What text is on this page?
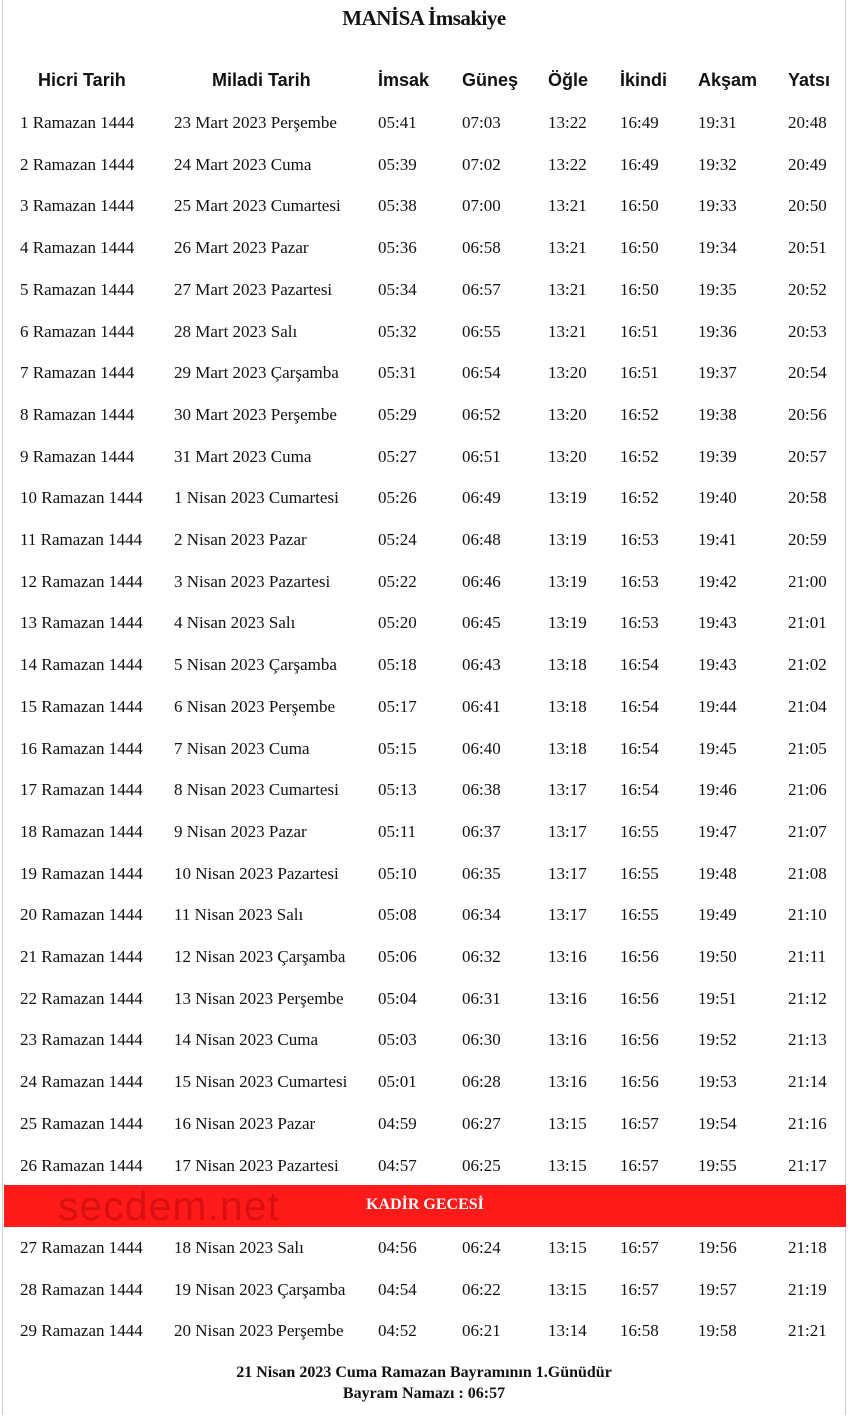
MANİSA İmsakiye
Hicri Tarih	Miladi Tarih	İmsak Güneş Öğle İkindi Akşam Yatsı
1 Ramazan 1444 23 Mart 2023 Perşembe 05:41	07:03	13:22 16:49 19:31	20:48
2 Ramazan 1444 24 Mart 2023 Cuma	05:39	07:02	13:22 16:49 19:32	20:49
3 Ramazan 1444 25 Mart 2023 Cumartesi 05:38	07:00	13:21 16:50 19:33	20:50
4 Ramazan 1444 26 Mart 2023 Pazar	05:36	06:58	13:21 16:50 19:34	20:51
5 Ramazan 1444 27 Mart 2023 Pazartesi	05:34	06:57	13:21 16:50 19:35	20:52
6 Ramazan 1444 28 Mart 2023 Salı	05:32	06:55	13:21 16:51 19:36	20:53
7 Ramazan 1444 29 Mart 2023 Çarşamba 05:31	06:54	13:20 16:51 19:37	20:54
8 Ramazan 1444 30 Mart 2023 Perşembe 05:29	06:52	13:20 16:52 19:38	20:56
9 Ramazan 1444 31 Mart 2023 Cuma	05:27	06:51	13:20 16:52 19:39	20:57
10 Ramazan 1444 1 Nisan 2023 Cumartesi 05:26	06:49	13:19 16:52 19:40	20:58
11 Ramazan 1444 2 Nisan 2023 Pazar	05:24	06:48	13:19 16:53 19:41	20:59
12 Ramazan 1444 3 Nisan 2023 Pazartesi	05:22	06:46	13:19 16:53 19:42	21:00
13 Ramazan 1444 4 Nisan 2023 Salı	05:20	06:45	13:19 16:53 19:43	21:01
14 Ramazan 1444 5 Nisan 2023 Çarşamba 05:18	06:43	13:18 16:54 19:43	21:02
15 Ramazan 1444 6 Nisan 2023 Perşembe	05:17	06:41	13:18 16:54 19:44	21:04
16 Ramazan 1444 7 Nisan 2023 Cuma	05:15	06:40	13:18 16:54 19:45	21:05
17 Ramazan 1444 8 Nisan 2023 Cumartesi 05:13	06:38	13:17 16:54 19:46	21:06
18 Ramazan 1444 9 Nisan 2023 Pazar	05:11	06:37	13:17 16:55 19:47	21:07
19 Ramazan 1444 10 Nisan 2023 Pazartesi 05:10	06:35	13:17 16:55 19:48	21:08
20 Ramazan 1444 11 Nisan 2023 Salı	05:08	06:34	13:17 16:55 19:49	21:10
21 Ramazan 1444 12 Nisan 2023 Çarşamba 05:06	06:32	13:16 16:56 19:50	21:11
22 Ramazan 1444 13 Nisan 2023 Perşembe 05:04	06:31	13:16 16:56 19:51	21:12
23 Ramazan 1444 14 Nisan 2023 Cuma	05:03	06:30	13:16 16:56 19:52	21:13
24 Ramazan 1444 15 Nisan 2023 Cumartesi 05:01	06:28	13:16 16:56 19:53	21:14
25 Ramazan 1444 16 Nisan 2023 Pazar	04:59	06:27	13:15 16:57 19:54	21:16
26 Ramazan 1444 17 Nisan 2023 Pazartesi 04:57	06:25	13:15 16:57 19:55	21:17
secdem.net	KADİR GECESİ
27 Ramazan 1444 18 Nisan 2023 Salı	04:56	06:24	13:15 16:57 19:56	21:18
28 Ramazan 1444 19 Nisan 2023 Çarşamba 04:54	06:22	13:15 16:57 19:57	21:19
29 Ramazan 1444 20 Nisan 2023 Perşembe 04:52	06:21	13:14 16:58 19:58	21:21
21 Nisan 2023 Cuma Ramazan Bayramının 1.Günüdür
Bayram Namazı : 06:57
